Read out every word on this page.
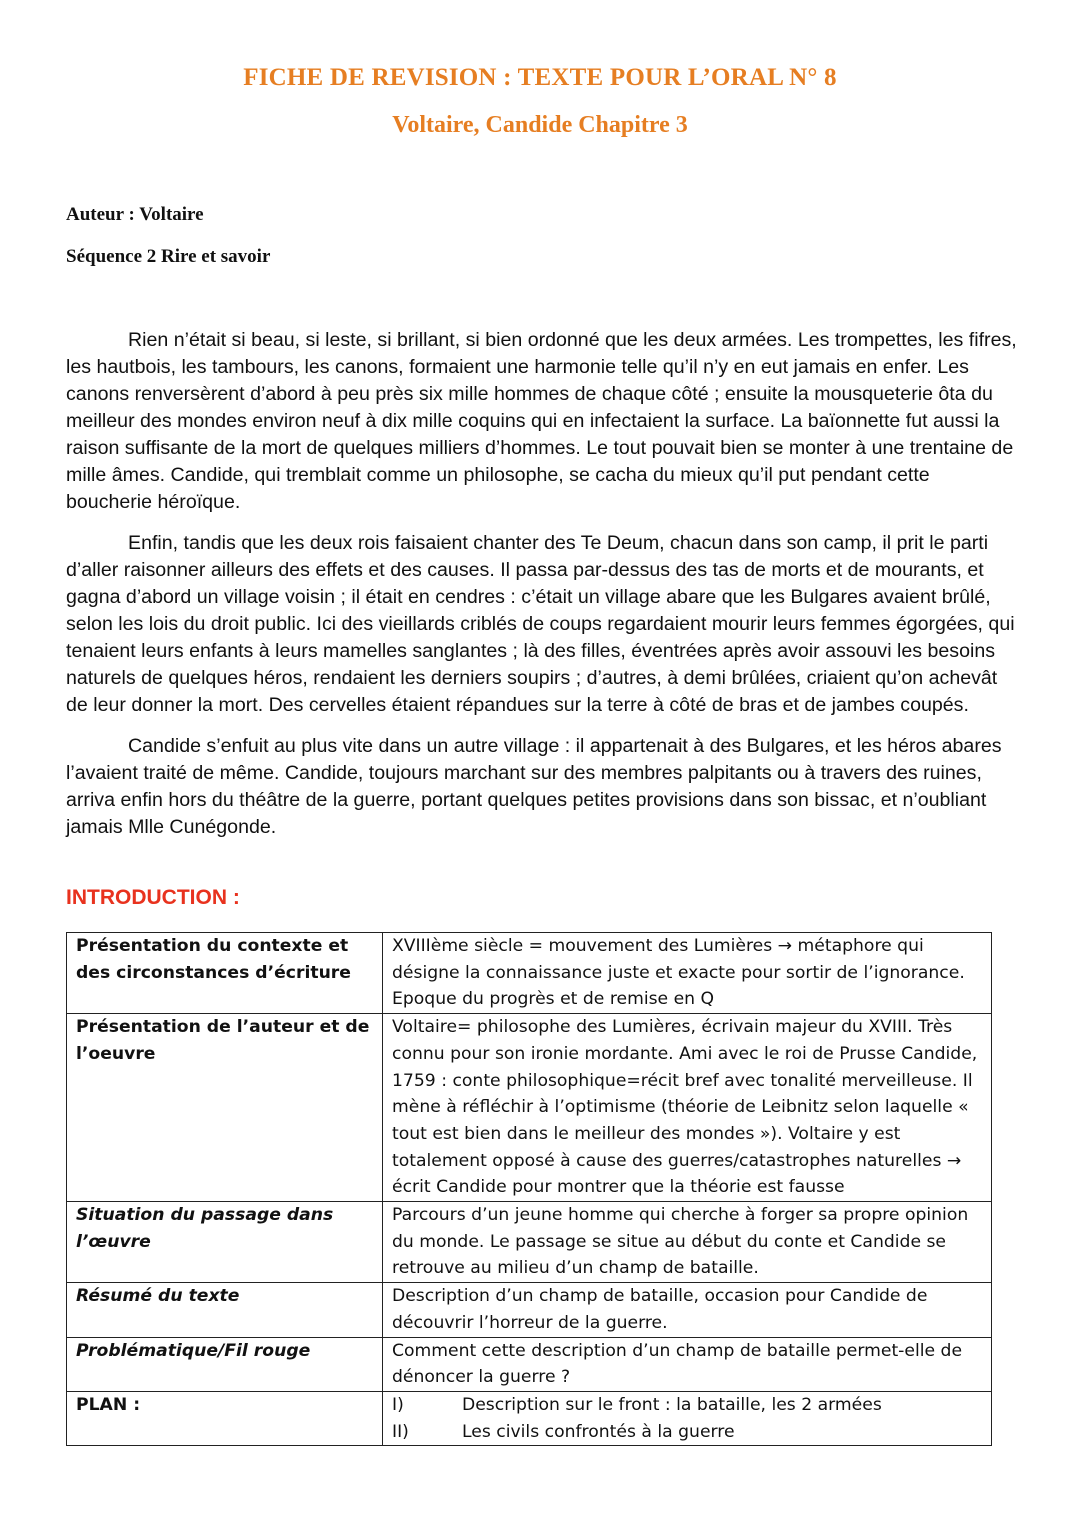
FICHE DE REVISION : TEXTE POUR L’ORAL N° 8
Voltaire, Candide Chapitre 3

Auteur : Voltaire

Séquence 2 Rire et savoir

Rien n’était si beau, si leste, si brillant, si bien ordonné que les deux armées. Les trompettes, les fifres, les hautbois, les tambours, les canons, formaient une harmonie telle qu’il n’y en eut jamais en enfer. Les canons renversèrent d’abord à peu près six mille hommes de chaque côté ; ensuite la mousqueterie ôta du meilleur des mondes environ neuf à dix mille coquins qui en infectaient la surface. La baïonnette fut aussi la raison suffisante de la mort de quelques milliers d’hommes. Le tout pouvait bien se monter à une trentaine de mille âmes. Candide, qui tremblait comme un philosophe, se cacha du mieux qu’il put pendant cette boucherie héroïque.

Enfin, tandis que les deux rois faisaient chanter des Te Deum, chacun dans son camp, il prit le parti d’aller raisonner ailleurs des effets et des causes. Il passa par-dessus des tas de morts et de mourants, et gagna d’abord un village voisin ; il était en cendres : c’était un village abare que les Bulgares avaient brûlé, selon les lois du droit public. Ici des vieillards criblés de coups regardaient mourir leurs femmes égorgées, qui tenaient leurs enfants à leurs mamelles sanglantes ; là des filles, éventrées après avoir assouvi les besoins naturels de quelques héros, rendaient les derniers soupirs ; d’autres, à demi brûlées, criaient qu’on achevât de leur donner la mort. Des cervelles étaient répandues sur la terre à côté de bras et de jambes coupés.

Candide s’enfuit au plus vite dans un autre village : il appartenait à des Bulgares, et les héros abares l’avaient traité de même. Candide, toujours marchant sur des membres palpitants ou à travers des ruines, arriva enfin hors du théâtre de la guerre, portant quelques petites provisions dans son bissac, et n’oubliant jamais Mlle Cunégonde.

INTRODUCTION :
Présentation du contexte et des circonstances d’écriture	XVIIIème siècle = mouvement des Lumières → métaphore qui désigne la connaissance juste et exacte pour sortir de l’ignorance. Epoque du progrès et de remise en Q
Présentation de l’auteur et de l’oeuvre	Voltaire= philosophe des Lumières, écrivain majeur du XVIII. Très connu pour son ironie mordante. Ami avec le roi de Prusse Candide, 1759 : conte philosophique=récit bref avec tonalité merveilleuse. Il mène à réfléchir à l’optimisme (théorie de Leibnitz selon laquelle « tout est bien dans le meilleur des mondes »). Voltaire y est totalement opposé à cause des guerres/catastrophes naturelles → écrit Candide pour montrer que la théorie est fausse
Situation du passage dans l’œuvre	Parcours d’un jeune homme qui cherche à forger sa propre opinion du monde. Le passage se situe au début du conte et Candide se retrouve au milieu d’un champ de bataille.
Résumé du texte	Description d’un champ de bataille, occasion pour Candide de découvrir l’horreur de la guerre.
Problématique/Fil rouge	Comment cette description d’un champ de bataille permet-elle de dénoncer la guerre ?
PLAN :	I) Description sur le front : la bataille, les 2 armées
II) Les civils confrontés à la guerre
